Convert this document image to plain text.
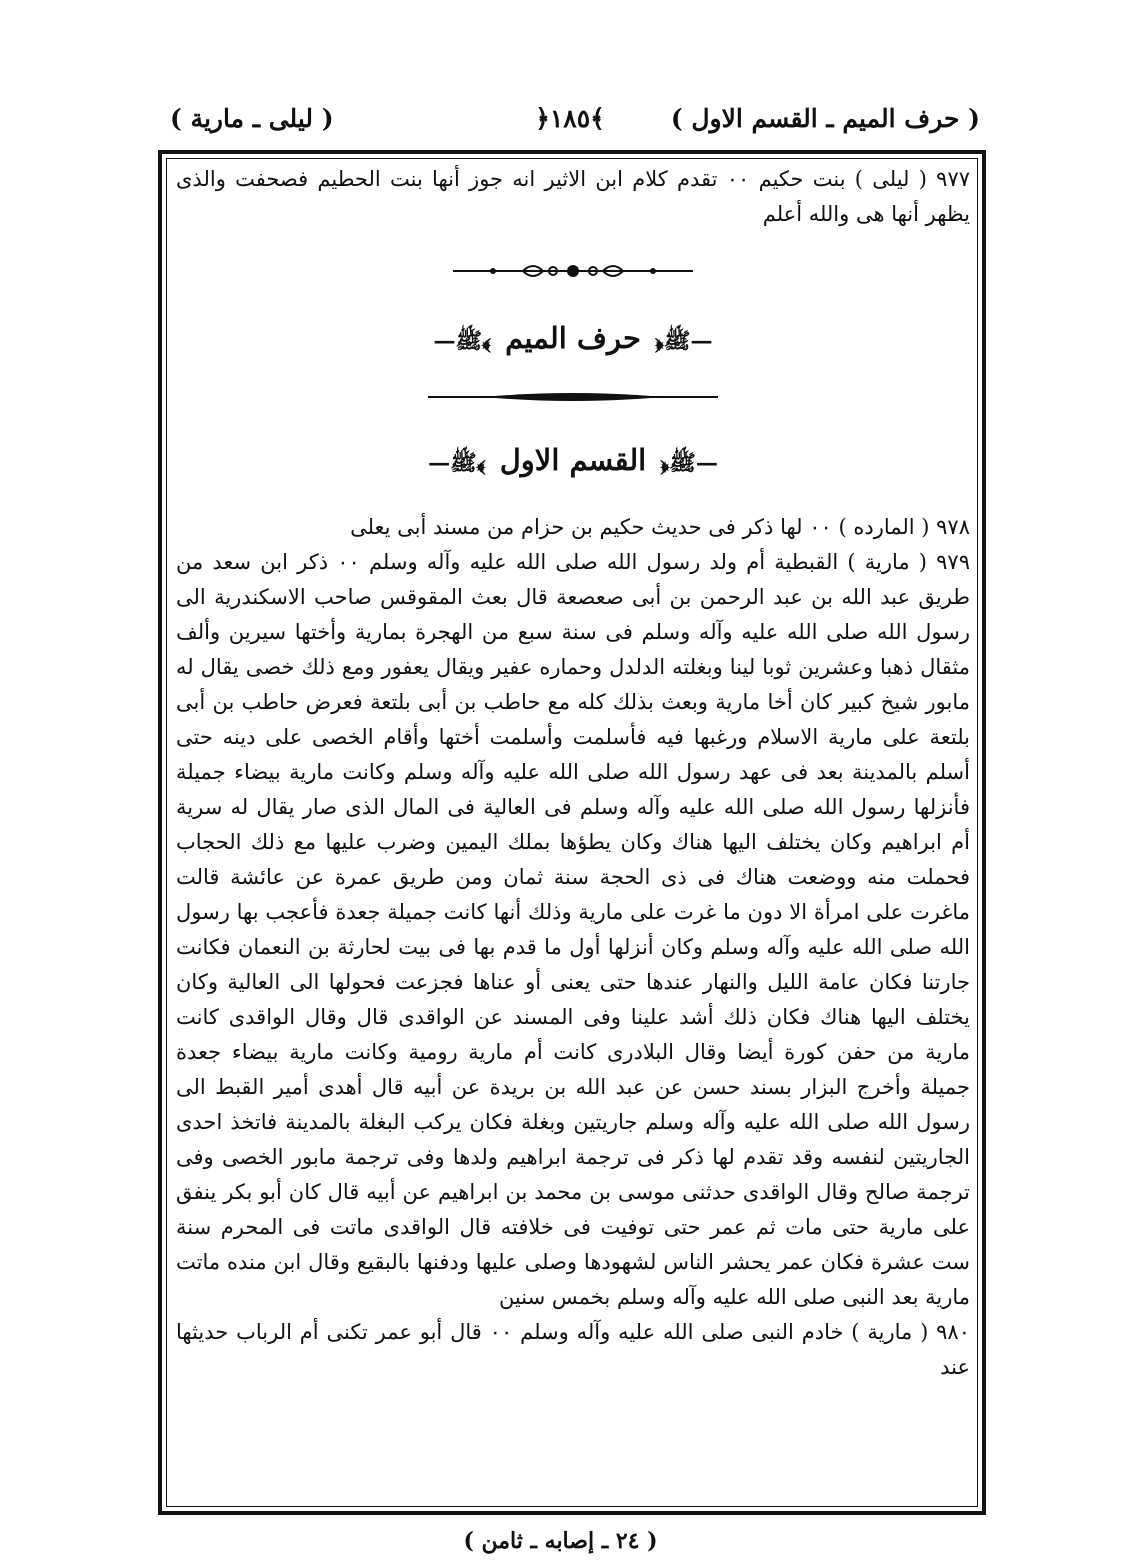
( حرف الميم ـ القسم الاول )
﴿١٨٥﴾
( ليلى ـ مارية )

٩٧٧ ( ليلى ) بنت حكيم ٠٠ تقدم كلام ابن الاثير انه جوز أنها بنت الحطيم فصحفت والذى يظهر أنها هى والله أعلم

—ﷺ﴿حرف الميم﴾ﷺ—
—ﷺ﴿القسم الاول﴾ﷺ—

٩٧٨ ( المارده ) ٠٠ لها ذكر فى حديث حكيم بن حزام من مسند أبى يعلى

٩٧٩ ( مارية ) القبطية أم ولد رسول الله صلى الله عليه وآله وسلم ٠٠ ذكر ابن سعد من طريق عبد الله بن عبد الرحمن بن أبى صعصعة قال بعث المقوقس صاحب الاسكندرية الى رسول الله صلى الله عليه وآله وسلم فى سنة سبع من الهجرة بمارية وأختها سيرين وألف مثقال ذهبا وعشرين ثوبا لينا وبغلته الدلدل وحماره عفير ويقال يعفور ومع ذلك خصى يقال له مابور شيخ كبير كان أخا مارية وبعث بذلك كله مع حاطب بن أبى بلتعة فعرض حاطب بن أبى بلتعة على مارية الاسلام ورغبها فيه فأسلمت وأسلمت أختها وأقام الخصى على دينه حتى أسلم بالمدينة بعد فى عهد رسول الله صلى الله عليه وآله وسلم وكانت مارية بيضاء جميلة فأنزلها رسول الله صلى الله عليه وآله وسلم فى العالية فى المال الذى صار يقال له سرية أم ابراهيم وكان يختلف اليها هناك وكان يطؤها بملك اليمين وضرب عليها مع ذلك الحجاب فحملت منه ووضعت هناك فى ذى الحجة سنة ثمان ومن طريق عمرة عن عائشة قالت ماغرت على امرأة الا دون ما غرت على مارية وذلك أنها كانت جميلة جعدة فأعجب بها رسول الله صلى الله عليه وآله وسلم وكان أنزلها أول ما قدم بها فى بيت لحارثة بن النعمان فكانت جارتنا فكان عامة الليل والنهار عندها حتى يعنى أو عناها فجزعت فحولها الى العالية وكان يختلف اليها هناك فكان ذلك أشد علينا وفى المسند عن الواقدى قال وقال الواقدى كانت مارية من حفن كورة أيضا وقال البلادرى كانت أم مارية رومية وكانت مارية بيضاء جعدة جميلة وأخرج البزار بسند حسن عن عبد الله بن بريدة عن أبيه قال أهدى أمير القبط الى رسول الله صلى الله عليه وآله وسلم جاريتين وبغلة فكان يركب البغلة بالمدينة فاتخذ احدى الجاريتين لنفسه وقد تقدم لها ذكر فى ترجمة ابراهيم ولدها وفى ترجمة مابور الخصى وفى ترجمة صالح وقال الواقدى حدثنى موسى بن محمد بن ابراهيم عن أبيه قال كان أبو بكر ينفق على مارية حتى مات ثم عمر حتى توفيت فى خلافته قال الواقدى ماتت فى المحرم سنة ست عشرة فكان عمر يحشر الناس لشهودها وصلى عليها ودفنها بالبقيع وقال ابن منده ماتت مارية بعد النبى صلى الله عليه وآله وسلم بخمس سنين

٩٨٠ ( مارية ) خادم النبى صلى الله عليه وآله وسلم ٠٠ قال أبو عمر تكنى أم الرباب حديثها عند

( ٢٤ ـ إصابه ـ ثامن )
